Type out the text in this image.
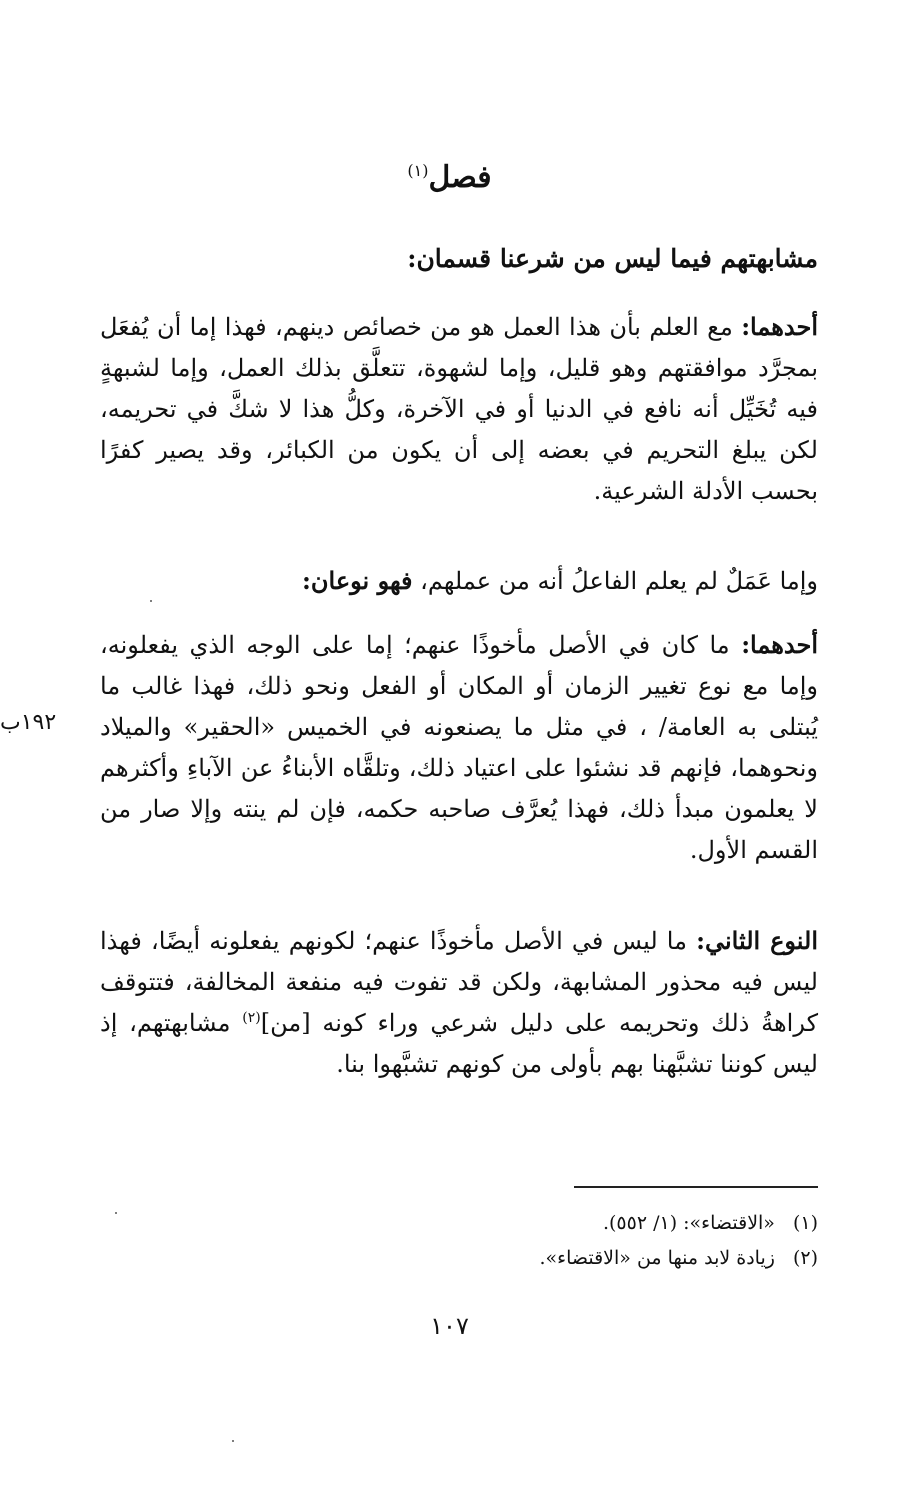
فصل$^{(١)}$
مشابهتهم فيما ليس من شرعنا قسمان:
أحدهما: مع العلم بأن هذا العمل هو من خصائص دينهم، فهذا إما أن يُفعَل بمجرَّد موافقتهم وهو قليل، وإما لشهوة، تتعلَّق بذلك العمل، وإما لشبهةٍ فيه تُخَيِّل أنه نافع في الدنيا أو في الآخرة، وكلُّ هذا لا شكَّ في تحريمه، لكن يبلغ التحريم في بعضه إلى أن يكون من الكبائر، وقد يصير كفرًا بحسب الأدلة الشرعية.
وإما عَمَلٌ لم يعلم الفاعلُ أنه من عملهم، فهو نوعان:
أحدهما: ما كان في الأصل مأخوذًا عنهم؛ إما على الوجه الذي يفعلونه، وإما مع نوع تغيير الزمان أو المكان أو الفعل ونحو ذلك، فهذا غالب ما يُبتلى به العامة/ ، في مثل ما يصنعونه في الخميس «الحقير» والميلاد ونحوهما، فإنهم قد نشئوا على اعتياد ذلك، وتلقَّاه الأبناءُ عن الآباءِ وأكثرهم لا يعلمون مبدأ ذلك، فهذا يُعرَّف صاحبه حكمه، فإن لم ينته وإلا صار من القسم الأول.
١٩٢ب
النوع الثاني: ما ليس في الأصل مأخوذًا عنهم؛ لكونهم يفعلونه أيضًا، فهذا ليس فيه محذور المشابهة، ولكن قد تفوت فيه منفعة المخالفة، فتتوقف كراهةُ ذلك وتحريمه على دليل شرعي وراء كونه [من]$^{(٢)}$ مشابهتهم، إذ ليس كوننا تشبَّهنا بهم بأولى من كونهم تشبَّهوا بنا.
(١)«الاقتضاء»: (١/ ٥٥٢).
(٢)زيادة لابد منها من «الاقتضاء».
١٠٧
